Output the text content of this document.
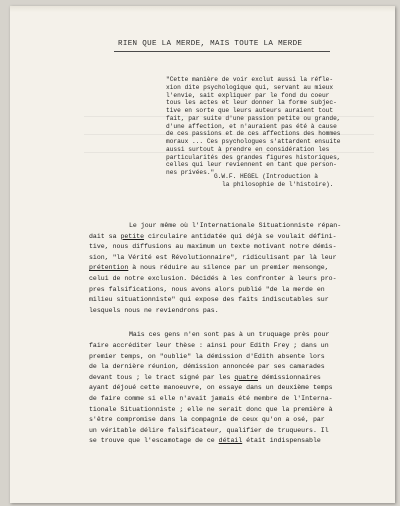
RIEN QUE LA MERDE, MAIS TOUTE LA MERDE
"Cette manière de voir exclut aussi la réfle-
xion dite psychologique qui, servant au mieux
l'envie, sait expliquer par le fond du coeur
tous les actes et leur donner la forme subjec-
tive en sorte que leurs auteurs auraient tout
fait, par suite d'une passion petite ou grande,
d'une affection, et n'auraient pas été à cause
de ces passions et de ces affections des hommes
moraux ... Ces psychologues s'attardent ensuite
aussi surtout à prendre en considération les
particularités des grandes figures historiques,
celles qui leur reviennent en tant que person-
nes privées."
G.W.F. HEGEL (Introduction à
la philosophie de l'histoire).
Le jour même où l'Internationale Situationniste répan-
dait sa petite circulaire antidatée qui déjà se voulait défini-
tive, nous diffusions au maximum un texte motivant notre démis-
sion, "la Vérité est Révolutionnaire", ridiculisant par là leur
prétention à nous réduire au silence par un premier mensonge,
celui de notre exclusion. Décidés à les confronter à leurs pro-
pres falsifications, nous avons alors publié "de la merde en
milieu situationniste" qui expose des faits indiscutables sur
lesquels nous ne reviendrons pas.
Mais ces gens n'en sont pas à un truquage près pour
faire accréditer leur thèse : ainsi pour Edith Frey ; dans un
premier temps, on "oublie" la démission d'Edith absente lors
de la dernière réunion, démission annoncée par ses camarades
devant tous ; le tract signé par les quatre démissionnaires
ayant déjoué cette manoeuvre, on essaye dans un deuxième temps
de faire comme si elle n'avait jamais été membre de l'Interna-
tionale Situationniste ; elle ne serait donc que la première à
s'être compromise dans la compagnie de ceux qu'on a osé, par
un véritable délire falsificateur, qualifier de truqueurs. Il
se trouve que l'escamotage de ce détail était indispensable
